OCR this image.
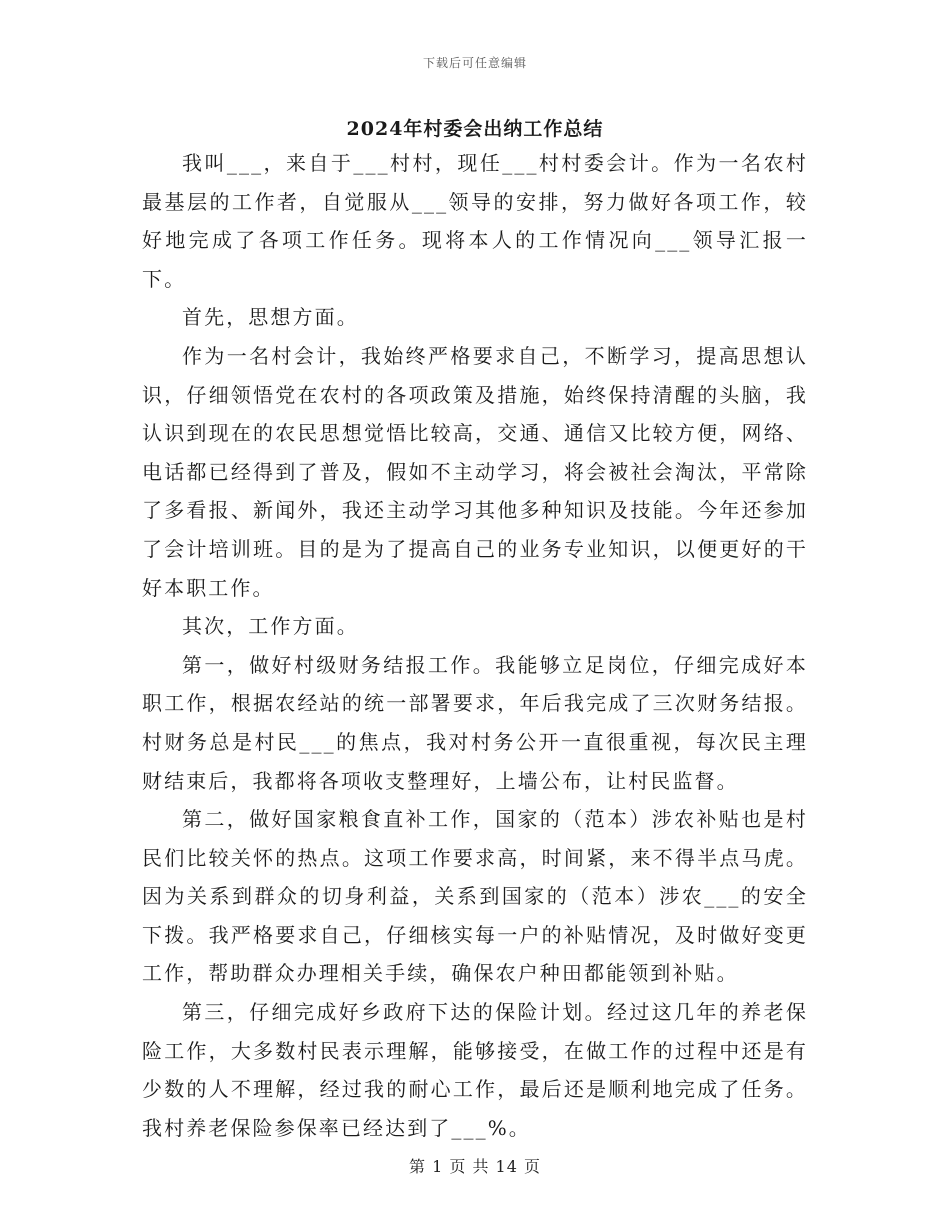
下载后可任意编辑
2024年村委会出纳工作总结

我叫___，来自于___村村，现任___村村委会计。作为一名农村最基层的工作者，自觉服从___领导的安排，努力做好各项工作，较好地完成了各项工作任务。现将本人的工作情况向___领导汇报一下。

首先，思想方面。

作为一名村会计，我始终严格要求自己，不断学习，提高思想认识，仔细领悟党在农村的各项政策及措施，始终保持清醒的头脑，我认识到现在的农民思想觉悟比较高，交通、通信又比较方便，网络、电话都已经得到了普及，假如不主动学习，将会被社会淘汰，平常除了多看报、新闻外，我还主动学习其他多种知识及技能。今年还参加了会计培训班。目的是为了提高自己的业务专业知识，以便更好的干好本职工作。

其次，工作方面。

第一，做好村级财务结报工作。我能够立足岗位，仔细完成好本职工作，根据农经站的统一部署要求，年后我完成了三次财务结报。村财务总是村民___的焦点，我对村务公开一直很重视，每次民主理财结束后，我都将各项收支整理好，上墙公布，让村民监督。

第二，做好国家粮食直补工作，国家的（范本）涉农补贴也是村民们比较关怀的热点。这项工作要求高，时间紧，来不得半点马虎。因为关系到群众的切身利益，关系到国家的（范本）涉农___的安全下拨。我严格要求自己，仔细核实每一户的补贴情况，及时做好变更工作，帮助群众办理相关手续，确保农户种田都能领到补贴。

第三，仔细完成好乡政府下达的保险计划。经过这几年的养老保险工作，大多数村民表示理解，能够接受，在做工作的过程中还是有少数的人不理解，经过我的耐心工作，最后还是顺利地完成了任务。我村养老保险参保率已经达到了___%。

第 1 页 共 14 页
